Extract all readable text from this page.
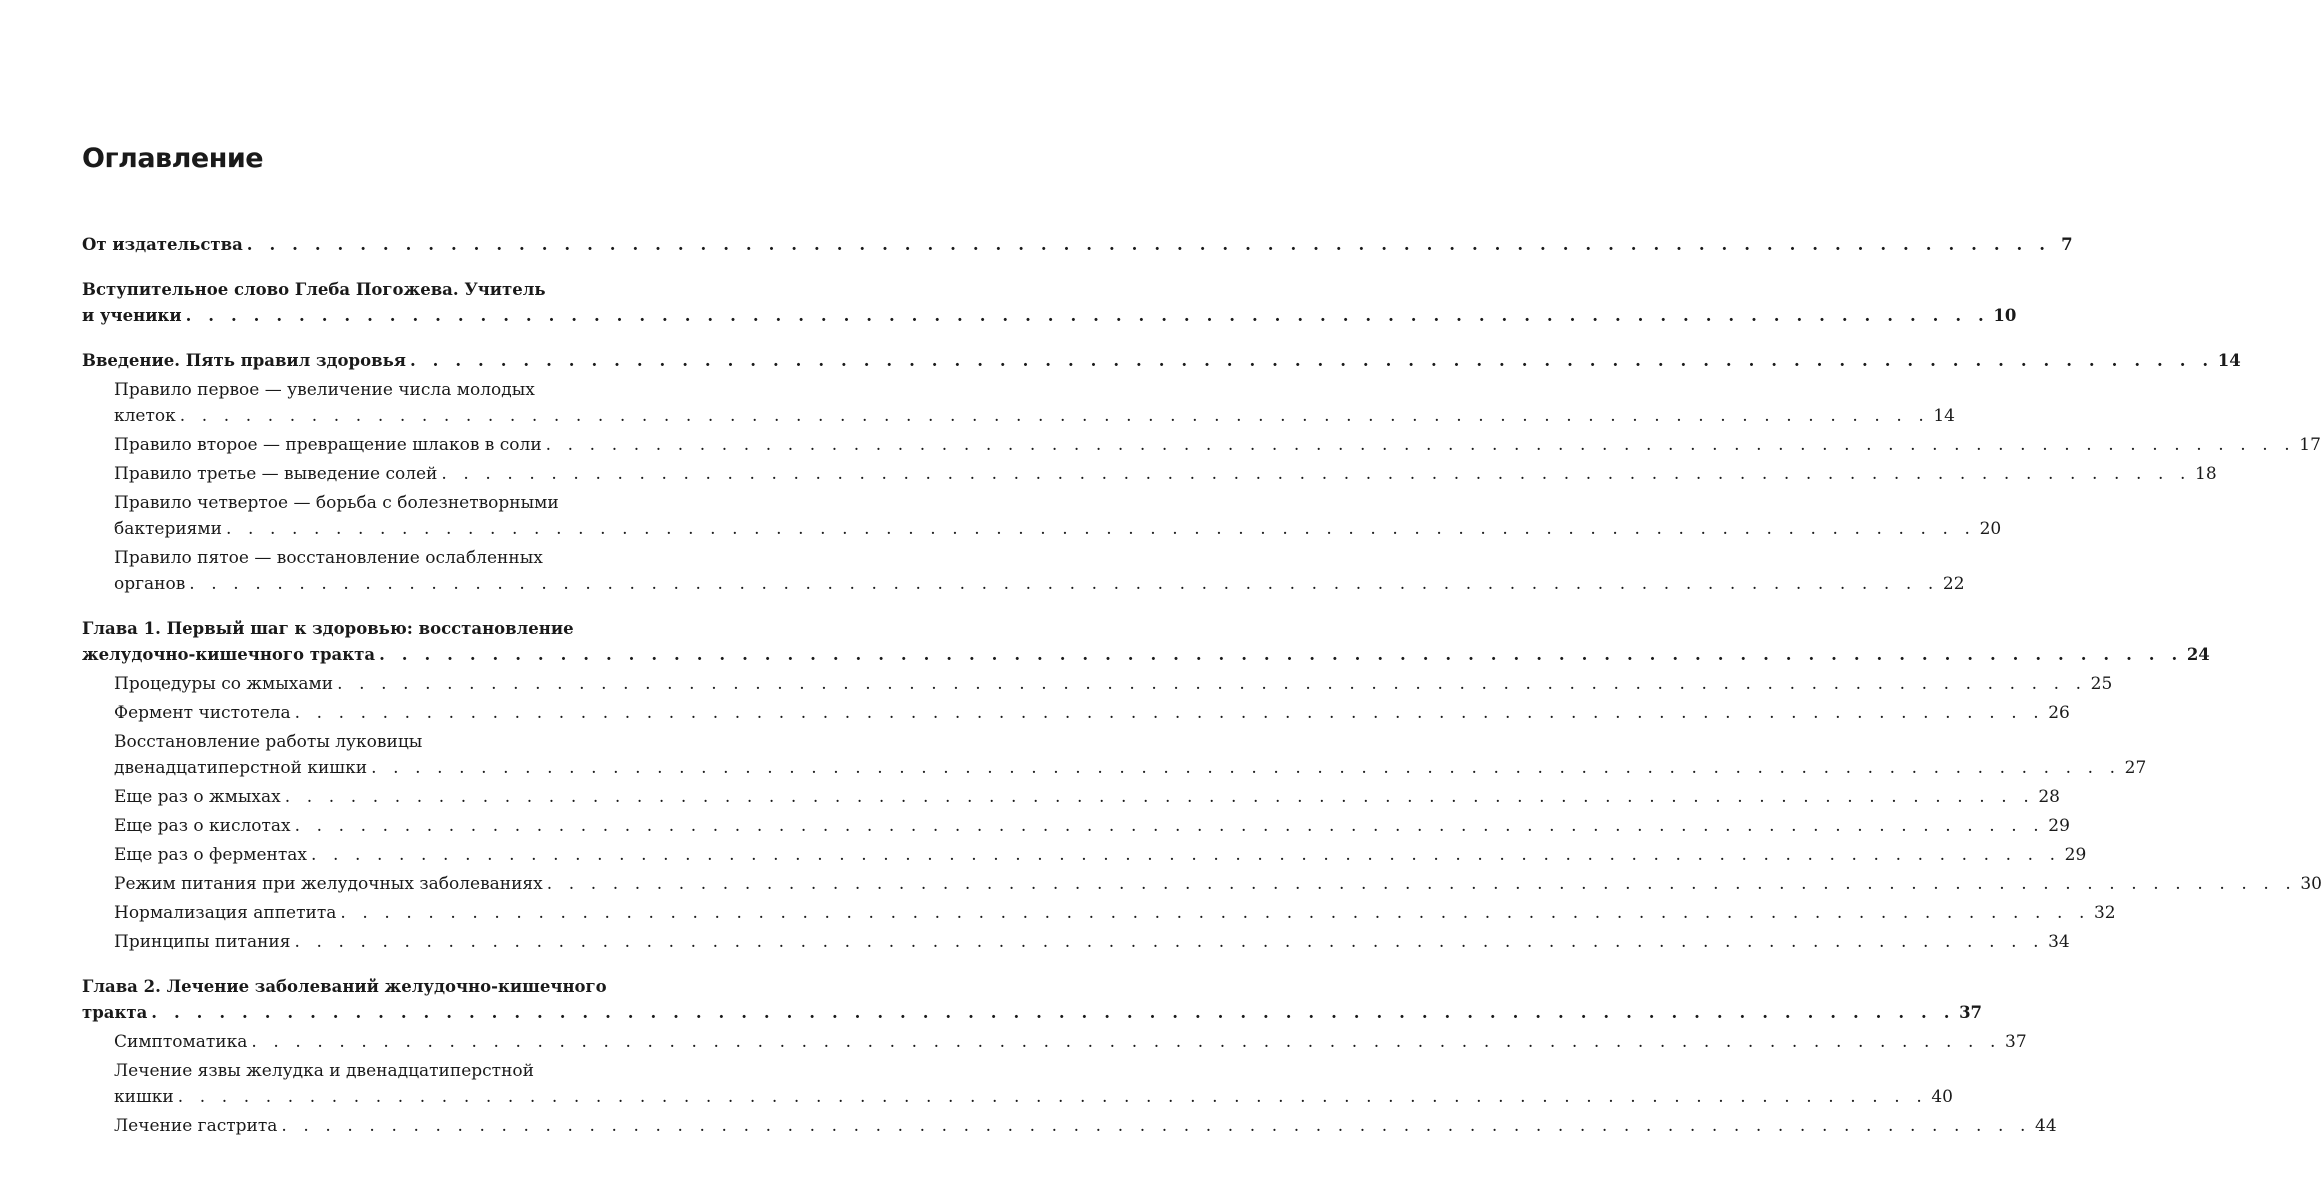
Оглавление
От издательства . . . . . . . . . . . . . . . . . . . . . . . . . . . . . . . . . . . . . . . . . . . . . . . . . . . . . . . . . . . . . . . . . . . . . . . . . . . . . . . . 7
Вступительное слово Глеба Погожева. Учитель
и ученики . . . . . . . . . . . . . . . . . . . . . . . . . . . . . . . . . . . . . . . . . . . . . . . . . . . . . . . . . . . . . . . . . . . . . . . . . . . . . . . . 10
Введение. Пять правил здоровья . . . . . . . . . . . . . . . . . . . . . . . . . . . . . . . . . . . . . . . . . . . . . . . . . . . . . . . . . . . . . . . . . . . . . . . . . . . . . . . . 14
Правило первое — увеличение числа молодых
клеток . . . . . . . . . . . . . . . . . . . . . . . . . . . . . . . . . . . . . . . . . . . . . . . . . . . . . . . . . . . . . . . . . . . . . . . . . . . . . . . . 14
Правило второе — превращение шлаков в соли . . . . . . . . . . . . . . . . . . . . . . . . . . . . . . . . . . . . . . . . . . . . . . . . . . . . . . . . . . . . . . . . . . . . . . . . . . . . . . . . 17
Правило третье — выведение солей . . . . . . . . . . . . . . . . . . . . . . . . . . . . . . . . . . . . . . . . . . . . . . . . . . . . . . . . . . . . . . . . . . . . . . . . . . . . . . . . 18
Правило четвертое — борьба с болезнетворными
бактериями . . . . . . . . . . . . . . . . . . . . . . . . . . . . . . . . . . . . . . . . . . . . . . . . . . . . . . . . . . . . . . . . . . . . . . . . . . . . . . . . 20
Правило пятое — восстановление ослабленных
органов . . . . . . . . . . . . . . . . . . . . . . . . . . . . . . . . . . . . . . . . . . . . . . . . . . . . . . . . . . . . . . . . . . . . . . . . . . . . . . . . 22
Глава 1. Первый шаг к здоровью: восстановление
желудочно-кишечного тракта . . . . . . . . . . . . . . . . . . . . . . . . . . . . . . . . . . . . . . . . . . . . . . . . . . . . . . . . . . . . . . . . . . . . . . . . . . . . . . . . 24
Процедуры со жмыхами . . . . . . . . . . . . . . . . . . . . . . . . . . . . . . . . . . . . . . . . . . . . . . . . . . . . . . . . . . . . . . . . . . . . . . . . . . . . . . . . 25
Фермент чистотела . . . . . . . . . . . . . . . . . . . . . . . . . . . . . . . . . . . . . . . . . . . . . . . . . . . . . . . . . . . . . . . . . . . . . . . . . . . . . . . . 26
Восстановление работы луковицы
двенадцатиперстной кишки . . . . . . . . . . . . . . . . . . . . . . . . . . . . . . . . . . . . . . . . . . . . . . . . . . . . . . . . . . . . . . . . . . . . . . . . . . . . . . . . 27
Еще раз о жмыхах . . . . . . . . . . . . . . . . . . . . . . . . . . . . . . . . . . . . . . . . . . . . . . . . . . . . . . . . . . . . . . . . . . . . . . . . . . . . . . . . 28
Еще раз о кислотах . . . . . . . . . . . . . . . . . . . . . . . . . . . . . . . . . . . . . . . . . . . . . . . . . . . . . . . . . . . . . . . . . . . . . . . . . . . . . . . . 29
Еще раз о ферментах . . . . . . . . . . . . . . . . . . . . . . . . . . . . . . . . . . . . . . . . . . . . . . . . . . . . . . . . . . . . . . . . . . . . . . . . . . . . . . . . 29
Режим питания при желудочных заболеваниях . . . . . . . . . . . . . . . . . . . . . . . . . . . . . . . . . . . . . . . . . . . . . . . . . . . . . . . . . . . . . . . . . . . . . . . . . . . . . . . . 30
Нормализация аппетита . . . . . . . . . . . . . . . . . . . . . . . . . . . . . . . . . . . . . . . . . . . . . . . . . . . . . . . . . . . . . . . . . . . . . . . . . . . . . . . . 32
Принципы питания . . . . . . . . . . . . . . . . . . . . . . . . . . . . . . . . . . . . . . . . . . . . . . . . . . . . . . . . . . . . . . . . . . . . . . . . . . . . . . . . 34
Глава 2. Лечение заболеваний желудочно-кишечного
тракта . . . . . . . . . . . . . . . . . . . . . . . . . . . . . . . . . . . . . . . . . . . . . . . . . . . . . . . . . . . . . . . . . . . . . . . . . . . . . . . . 37
Симптоматика . . . . . . . . . . . . . . . . . . . . . . . . . . . . . . . . . . . . . . . . . . . . . . . . . . . . . . . . . . . . . . . . . . . . . . . . . . . . . . . . 37
Лечение язвы желудка и двенадцатиперстной
кишки . . . . . . . . . . . . . . . . . . . . . . . . . . . . . . . . . . . . . . . . . . . . . . . . . . . . . . . . . . . . . . . . . . . . . . . . . . . . . . . . 40
Лечение гастрита . . . . . . . . . . . . . . . . . . . . . . . . . . . . . . . . . . . . . . . . . . . . . . . . . . . . . . . . . . . . . . . . . . . . . . . . . . . . . . . . 44
